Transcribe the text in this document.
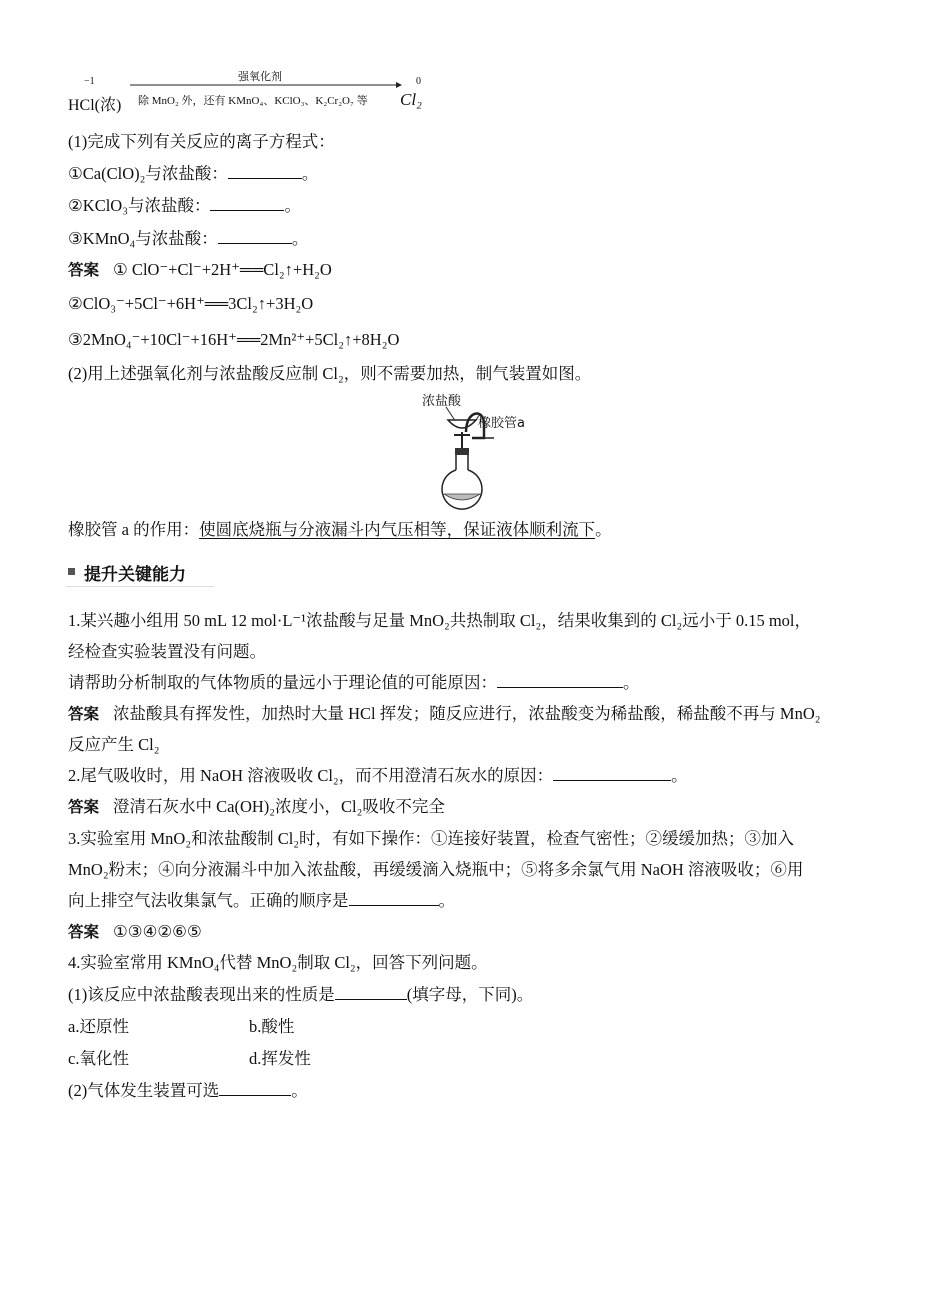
−1
HCl(浓)
强氧化剂
除 MnO₂ 外，还有 KMnO₄、KClO₃、K₂Cr₂O₇ 等
0
Cl₂
(1)完成下列有关反应的离子方程式：
①Ca(ClO)₂与浓盐酸：	。
②KClO₃与浓盐酸：	。
③KMnO₄与浓盐酸：	。
答案 ① ClO⁻+Cl⁻+2H⁺══Cl₂↑+H₂O
②ClO₃⁻+5Cl⁻+6H⁺══3Cl₂↑+3H₂O
③2MnO₄⁻+10Cl⁻+16H⁺══2Mn²⁺+5Cl₂↑+8H₂O
(2)用上述强氧化剂与浓盐酸反应制 Cl₂，则不需要加热，制气装置如图。
浓盐酸
橡胶管a
橡胶管 a 的作用：使圆底烧瓶与分液漏斗内气压相等，保证液体顺利流下。
提升关键能力
1.某兴趣小组用 50 mL 12 mol·L⁻¹浓盐酸与足量 MnO₂共热制取 Cl₂，结果收集到的 Cl₂远小于 0.15 mol，
经检查实验装置没有问题。
请帮助分析制取的气体物质的量远小于理论值的可能原因：	。
答案 浓盐酸具有挥发性，加热时大量 HCl 挥发；随反应进行，浓盐酸变为稀盐酸，稀盐酸不再与 MnO₂
反应产生 Cl₂
2.尾气吸收时，用 NaOH 溶液吸收 Cl₂，而不用澄清石灰水的原因：	。
答案 澄清石灰水中 Ca(OH)₂浓度小，Cl₂吸收不完全
3.实验室用 MnO₂和浓盐酸制 Cl₂时，有如下操作：①连接好装置，检查气密性；②缓缓加热；③加入
MnO₂粉末；④向分液漏斗中加入浓盐酸，再缓缓滴入烧瓶中；⑤将多余氯气用 NaOH 溶液吸收；⑥用
向上排空气法收集氯气。正确的顺序是	。
答案 ①③④②⑥⑤
4.实验室常用 KMnO₄代替 MnO₂制取 Cl₂，回答下列问题。
(1)该反应中浓盐酸表现出来的性质是	(填字母，下同)。
a.还原性	b.酸性
c.氧化性	d.挥发性
(2)气体发生装置可选	。
